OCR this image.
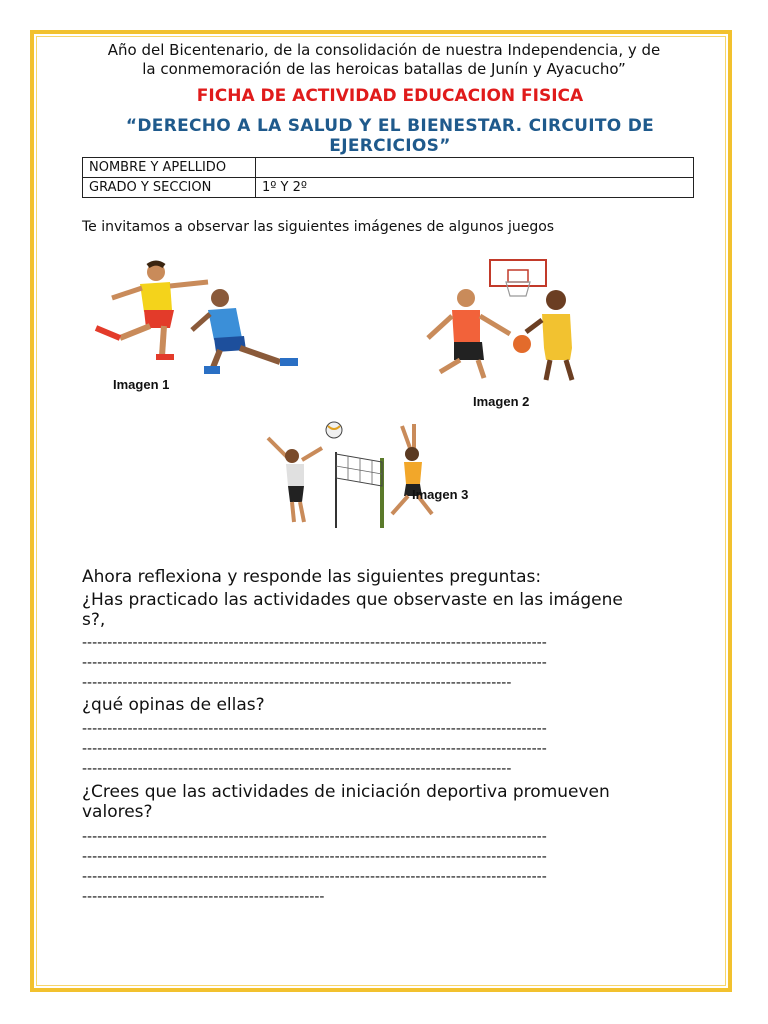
Año del Bicentenario, de la consolidación de nuestra Independencia, y de
la conmemoración de las heroicas batallas de Junín y Ayacucho”
FICHA DE ACTIVIDAD EDUCACION FISICA
“DERECHO A LA SALUD Y EL BIENESTAR. CIRCUITO DE
EJERCICIOS”
NOMBRE Y APELLIDO	
GRADO Y SECCION	1º Y 2º
Te invitamos a observar las siguientes imágenes de algunos juegos
Imagen 1
Imagen 2
Imagen 3
Ahora reflexiona y responde las siguientes preguntas:
¿Has practicado las actividades que observaste en las imágene
s?,
--------------------------------------------------------------------------------------------
--------------------------------------------------------------------------------------------
-------------------------------------------------------------------------------------
¿qué opinas de ellas?
--------------------------------------------------------------------------------------------
--------------------------------------------------------------------------------------------
-------------------------------------------------------------------------------------
¿Crees que las actividades de iniciación deportiva promueven
valores?
--------------------------------------------------------------------------------------------
--------------------------------------------------------------------------------------------
--------------------------------------------------------------------------------------------
------------------------------------------------
